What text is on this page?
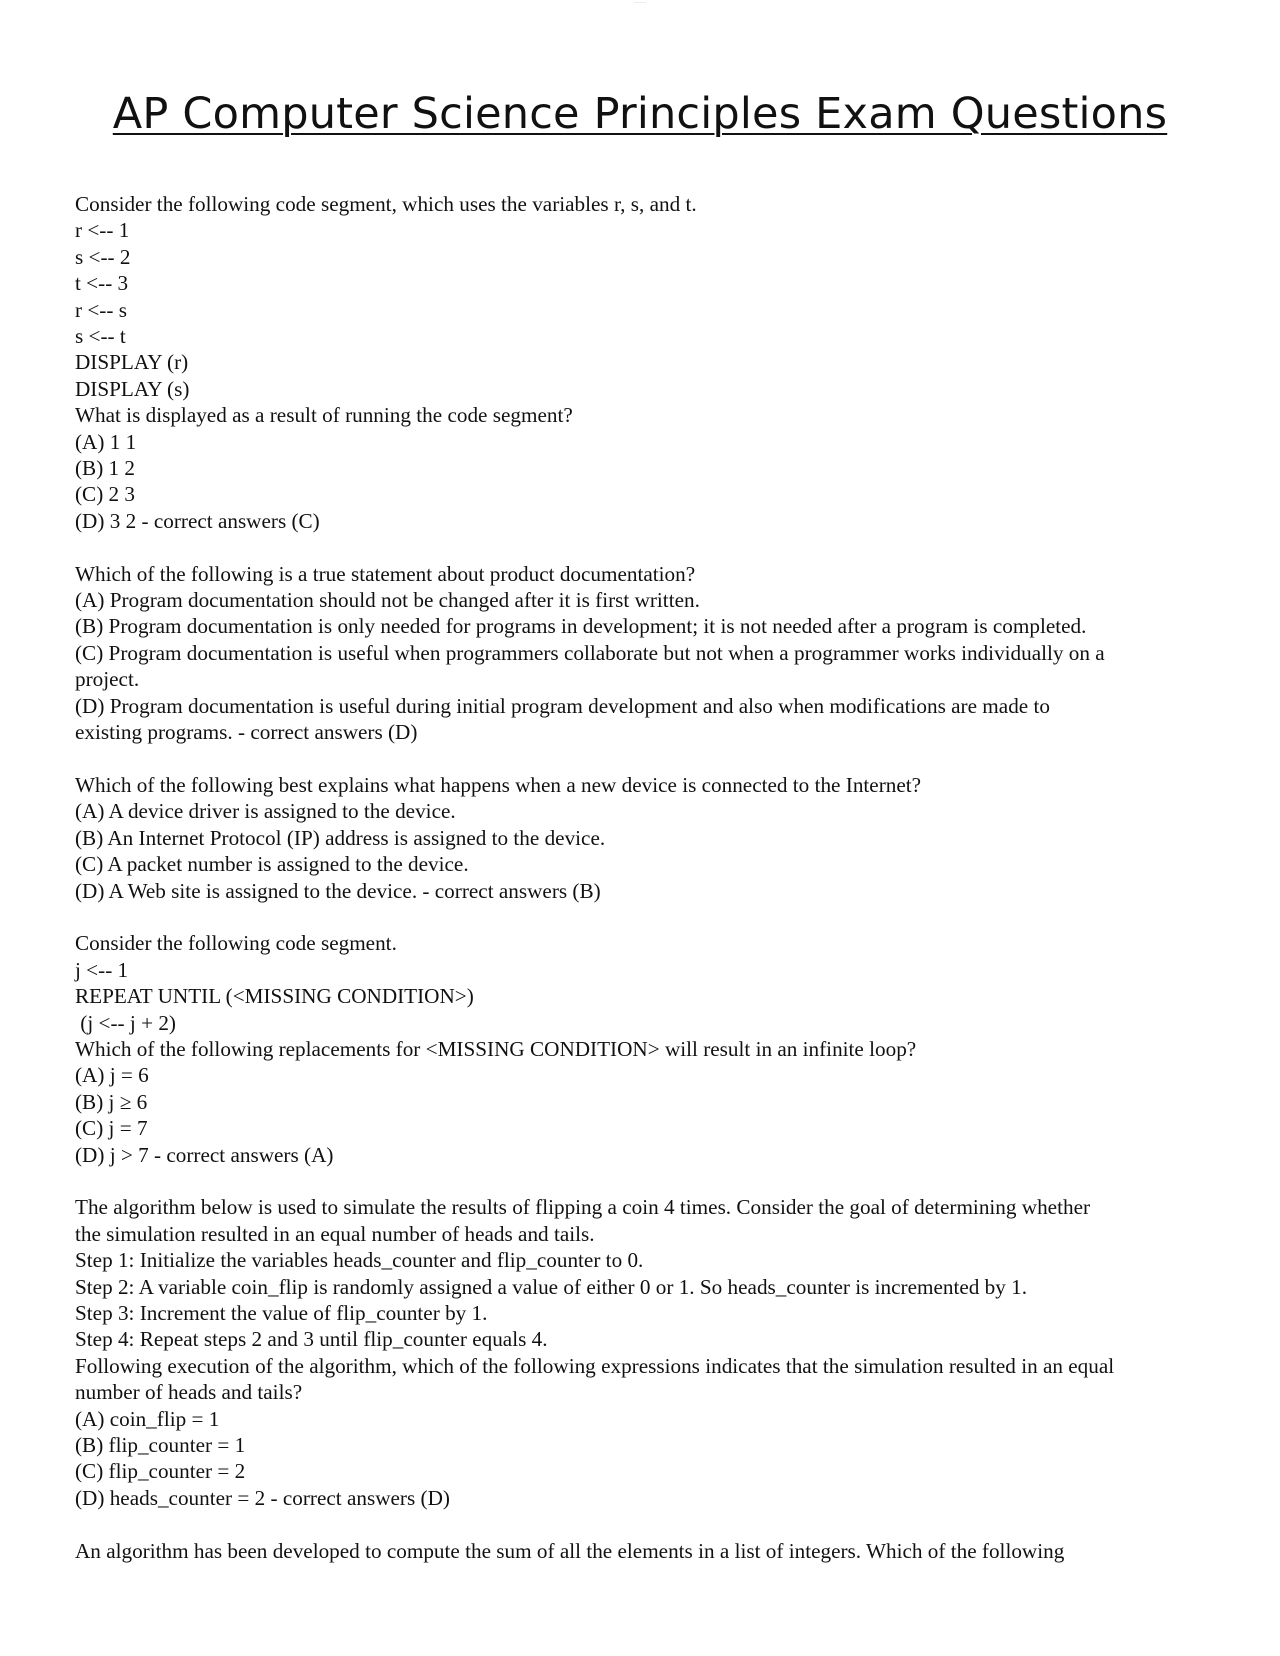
-----------
AP Computer Science Principles Exam Questions
Consider the following code segment, which uses the variables r, s, and t.
r <-- 1
s <-- 2
t <-- 3
r <-- s
s <-- t
DISPLAY (r)
DISPLAY (s)
What is displayed as a result of running the code segment?
(A) 1 1
(B) 1 2
(C) 2 3
(D) 3 2 - correct answers (C)
Which of the following is a true statement about product documentation?
(A) Program documentation should not be changed after it is first written.
(B) Program documentation is only needed for programs in development; it is not needed after a program is completed.
(C) Program documentation is useful when programmers collaborate but not when a programmer works individually on a
project.
(D) Program documentation is useful during initial program development and also when modifications are made to
existing programs. - correct answers (D)
Which of the following best explains what happens when a new device is connected to the Internet?
(A) A device driver is assigned to the device.
(B) An Internet Protocol (IP) address is assigned to the device.
(C) A packet number is assigned to the device.
(D) A Web site is assigned to the device. - correct answers (B)
Consider the following code segment.
j <-- 1
REPEAT UNTIL (<MISSING CONDITION>)
(j <-- j + 2)
Which of the following replacements for <MISSING CONDITION> will result in an infinite loop?
(A) j = 6
(B) j ≥ 6
(C) j = 7
(D) j > 7 - correct answers (A)
The algorithm below is used to simulate the results of flipping a coin 4 times. Consider the goal of determining whether
the simulation resulted in an equal number of heads and tails.
Step 1: Initialize the variables heads_counter and flip_counter to 0.
Step 2: A variable coin_flip is randomly assigned a value of either 0 or 1. So heads_counter is incremented by 1.
Step 3: Increment the value of flip_counter by 1.
Step 4: Repeat steps 2 and 3 until flip_counter equals 4.
Following execution of the algorithm, which of the following expressions indicates that the simulation resulted in an equal
number of heads and tails?
(A) coin_flip = 1
(B) flip_counter = 1
(C) flip_counter = 2
(D) heads_counter = 2 - correct answers (D)
An algorithm has been developed to compute the sum of all the elements in a list of integers. Which of the following
